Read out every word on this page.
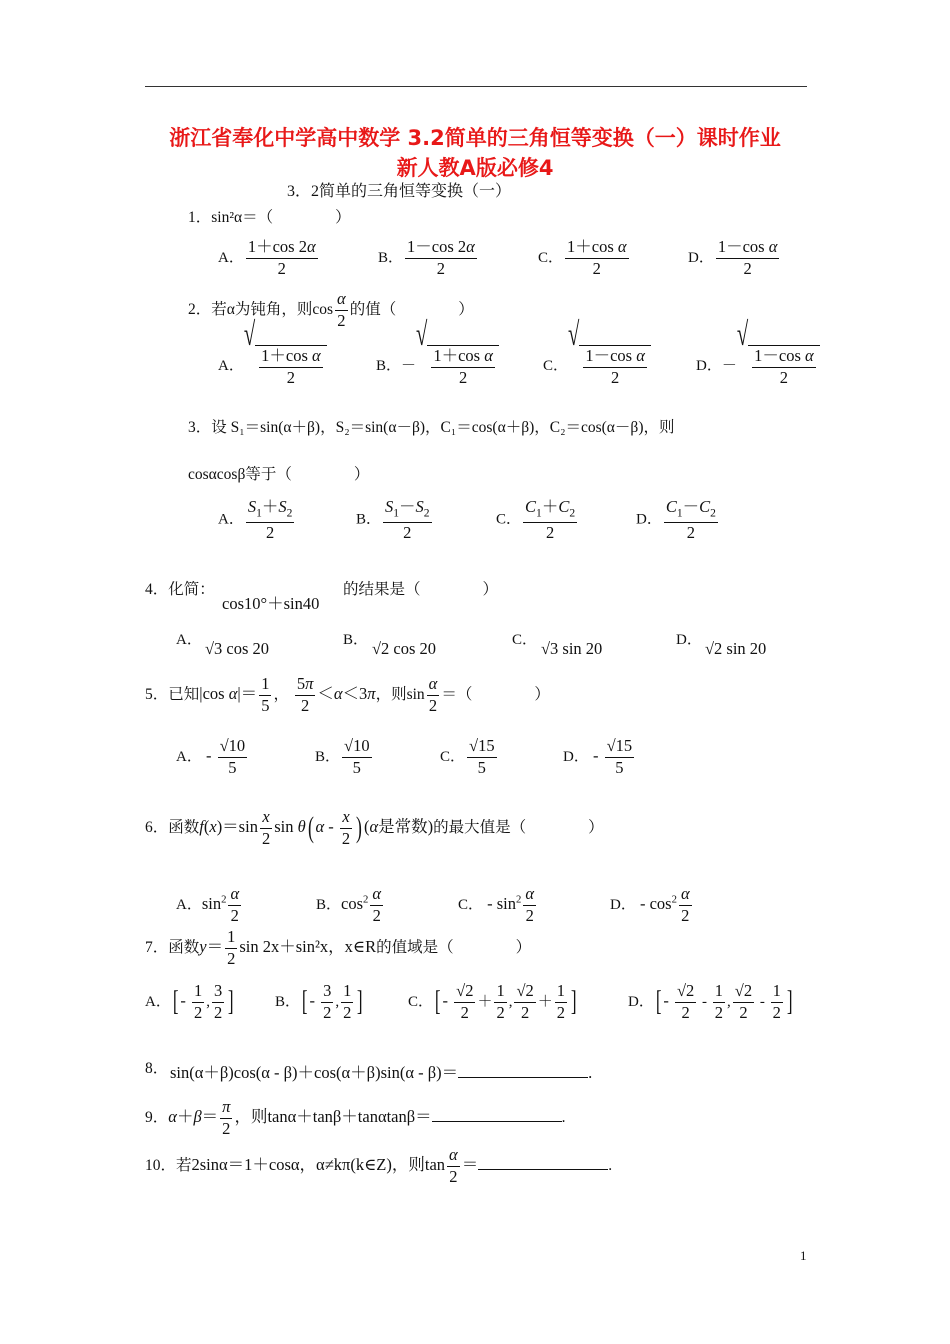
浙江省奉化中学高中数学 3.2简单的三角恒等变换（一）课时作业
新人教A版必修4
3．2简单的三角恒等变换（一）
1．sin²α＝（　　　　）
A． $\frac{1+\cos 2\alpha}{2}$	B． $\frac{1-\cos 2\alpha}{2}$	C． $\frac{\text{1＋cos α}}{2}$	D． $\frac{\text{1－cos α}}{2}$
2．若α为钝角，则$\cos \frac{\alpha}{2}$ 的值（　　　　）
A．
√
$\frac{\text{1＋cos α}}{2}$	B．－
√
$\frac{\text{1＋cos α}}{2}$	C．
√
$\frac{\text{1－cos α}}{2}$	D．－
√
$\frac{\text{1－cos α}}{2}$
3．设 S₁＝sin(α＋β)，S₂＝sin(α－β)，C₁＝cos(α＋β)，C₂＝cos(α－β)，则
cosαcosβ等于（　　　　）
A． $\frac{S_1+S_2}{2}$	B． $\frac{S_1-S_2}{2}$	C． $\frac{C_1+C_2}{2}$	D． $\frac{C_1-C_2}{2}$
4．化简：
cos10°＋sin40
的结果是（　　　　）
A． √3 cos 20	B． √2 cos 20	C． √3 sin 20	D． √2 sin 20
5．已知|cos $\alpha|= \frac{1}{5}$ ， $\frac{5\pi}{2} <\alpha<3\pi$，则$\sin \frac{\alpha}{2}$ ＝（　　　　）
A． - $\frac{√10}{5}$	B． $\frac{√10}{5}$	C． $\frac{√15}{5}$	D． - $\frac{√15}{5}$
6．函数$f(x)=\sin \frac{x}{2}$ sin θ( α - $\frac{x}{2}$ ) (α是常数)的最大值是（　　　　）
A．$\sin^2 \frac{\alpha}{2}$	B．$\cos^2 \frac{\alpha}{2}$	C． - $\sin^2 \frac{\alpha}{2}$	D． - $\cos^2 \frac{\alpha}{2}$
7．函数$y= \frac{1}{2}$ sin 2x＋sin²x，x∈R的值域是（　　　　）
A．[ - $\frac{1}{2}$ , $\frac{3}{2}$ ]	B．[ - $\frac{3}{2}$ , $\frac{1}{2}$ ]	C．[ - $\frac{√2}{2} + \frac{1}{2}$ , $\frac{√2}{2} + \frac{1}{2}$ ]	D．[ - $\frac{√2}{2} - \frac{1}{2}$ , $\frac{√2}{2} - \frac{1}{2}$ ]
8． sin(α＋β)cos(α - β)＋cos(α＋β)sin(α - β)＝	.
9．$\alpha+\beta= \frac{\pi}{2}$ ，则tanα＋tanβ＋tanαtanβ＝	.
10．若2sinα＝1＋cosα，α≠kπ(k∈Z)，则$\tan \frac{\alpha}{2}$ ＝	.
1
